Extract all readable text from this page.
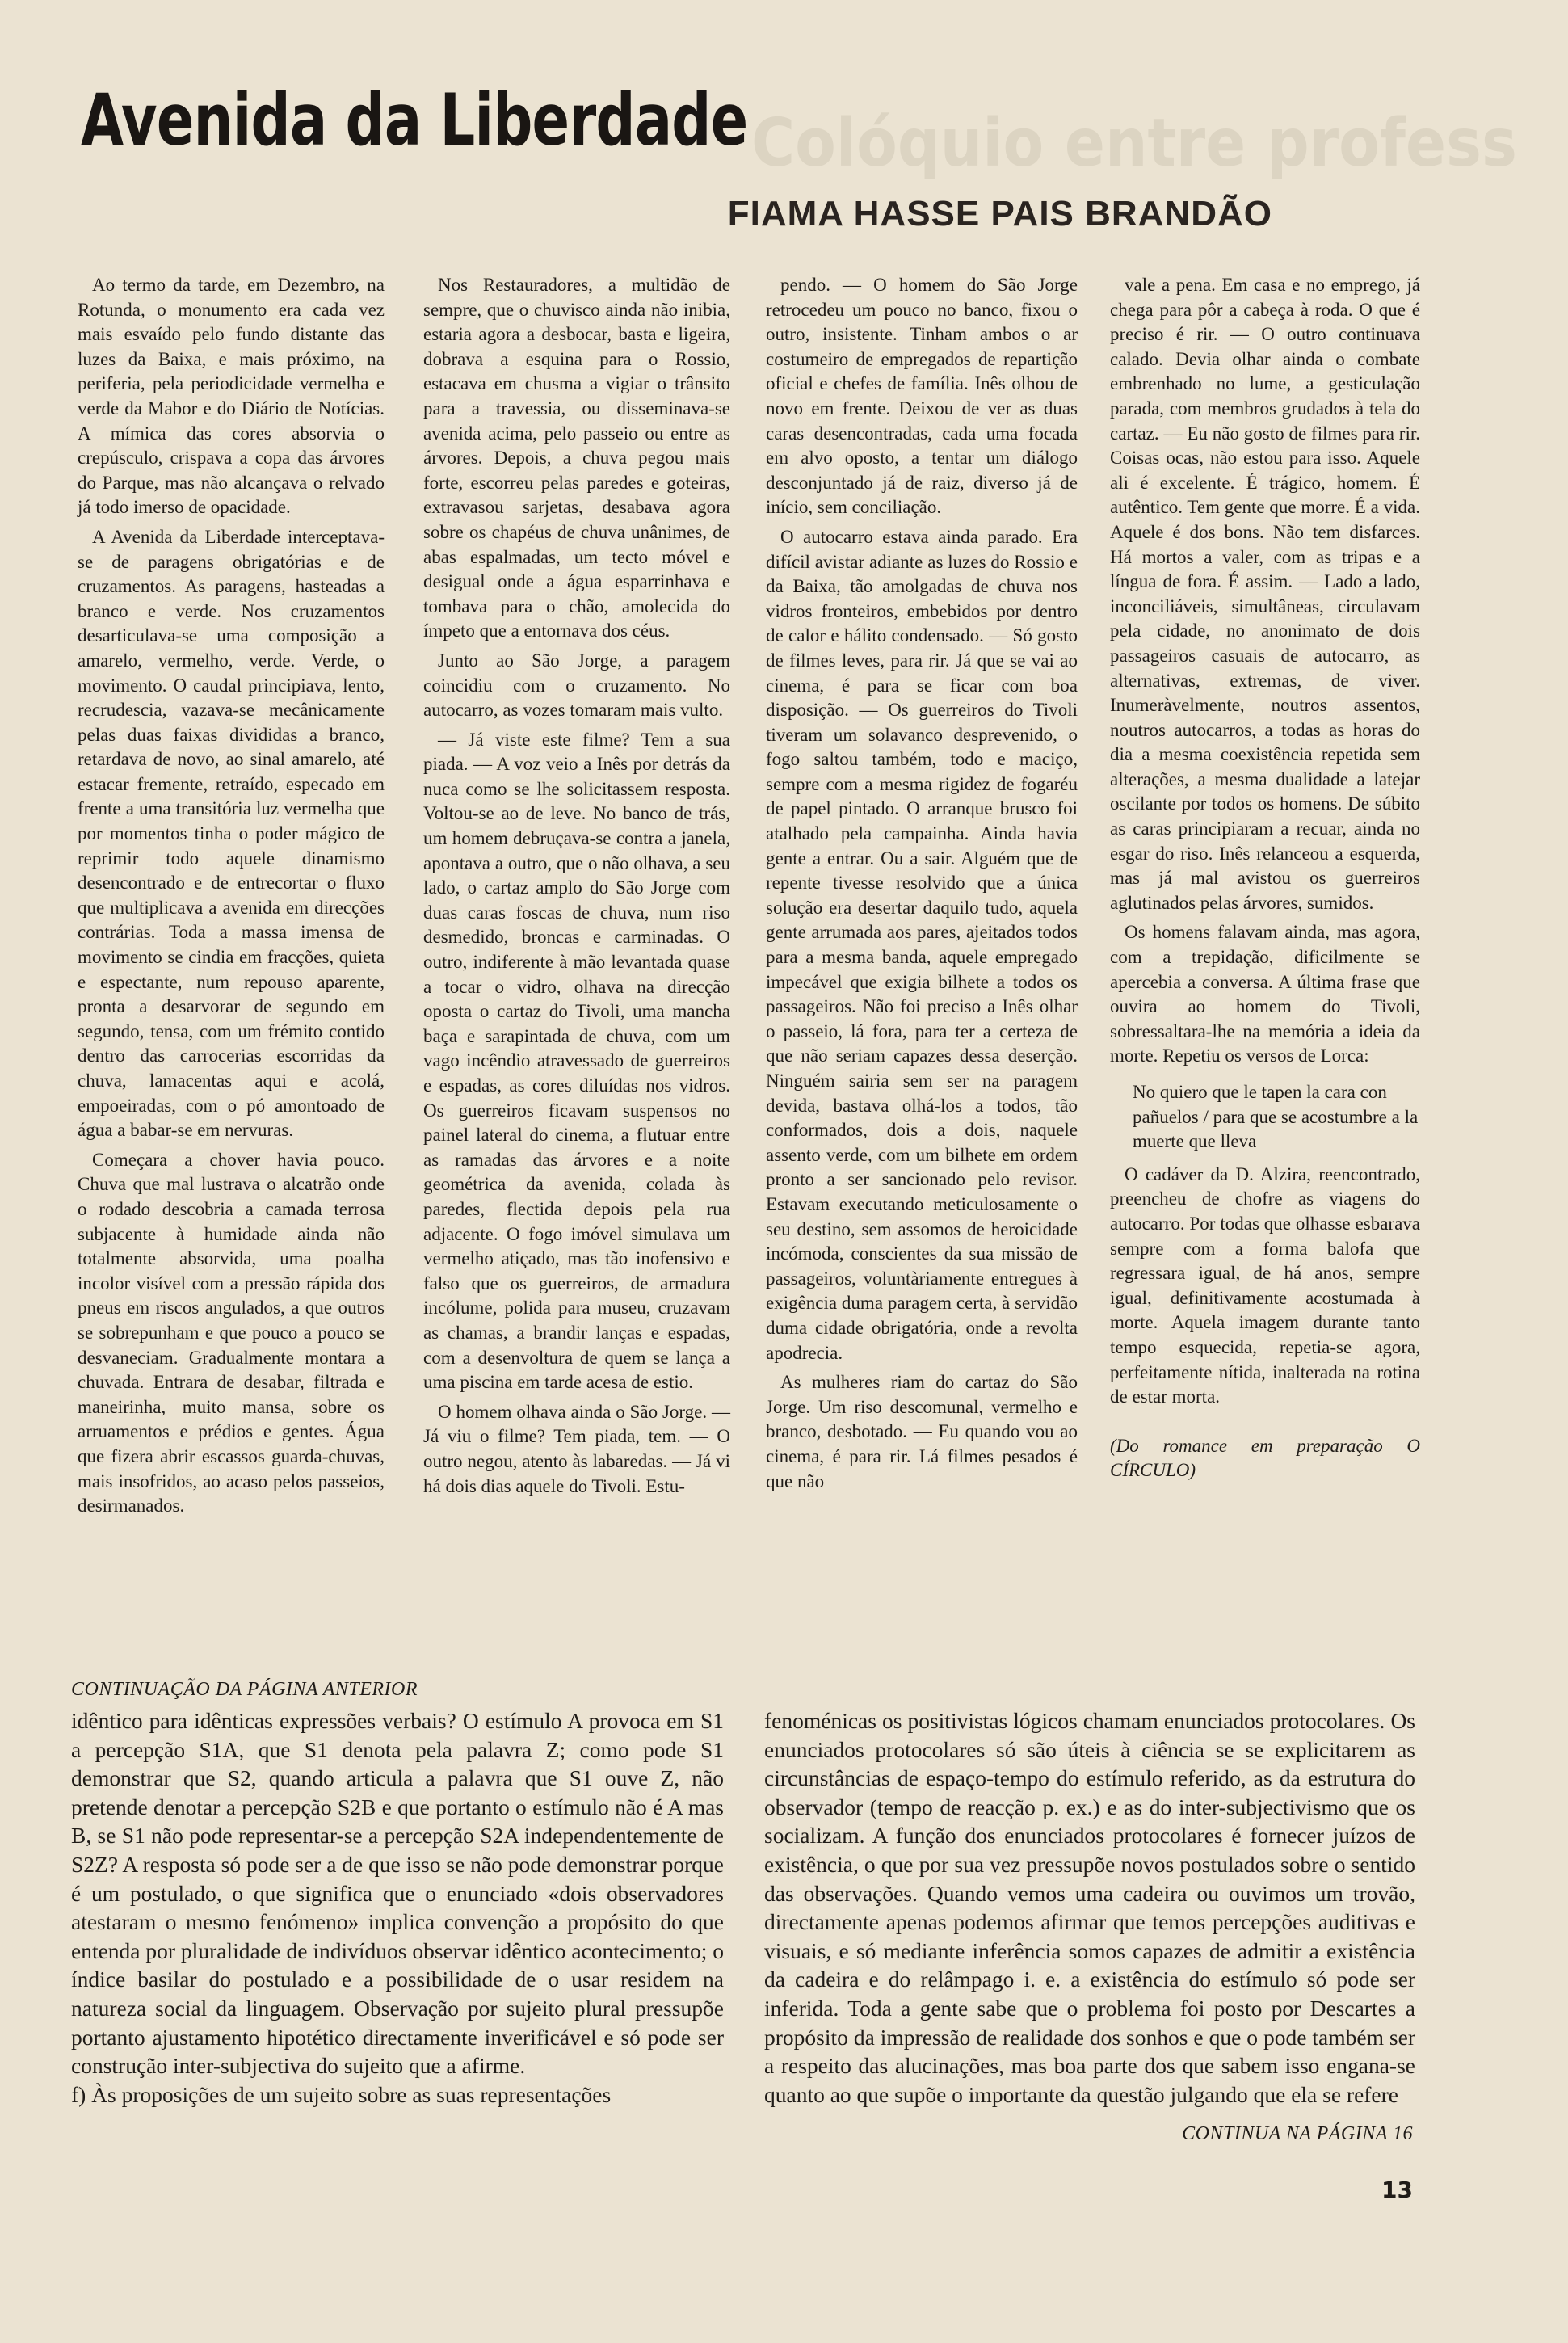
Avenida da Liberdade Colóquio entre profess
FIAMA HASSE PAIS BRANDÃO

Ao termo da tarde, em Dezembro, na Rotunda, o monumento era cada vez mais esvaído pelo fundo distante das luzes da Baixa, e mais próximo, na periferia, pela periodicidade vermelha e verde da Mabor e do Diário de Notícias. A mímica das cores absorvia o crepúsculo, crispava a copa das árvores do Parque, mas não alcançava o relvado já todo imerso de opacidade.

A Avenida da Liberdade interceptava-se de paragens obrigatórias e de cruzamentos. As paragens, hasteadas a branco e verde. Nos cruzamentos desarticulava-se uma composição a amarelo, vermelho, verde. Verde, o movimento. O caudal principiava, lento, recrudescia, vazava-se mecânicamente pelas duas faixas divididas a branco, retardava de novo, ao sinal amarelo, até estacar fremente, retraído, especado em frente a uma transitória luz vermelha que por momentos tinha o poder mágico de reprimir todo aquele dinamismo desencontrado e de entrecortar o fluxo que multiplicava a avenida em direcções contrárias. Toda a massa imensa de movimento se cindia em fracções, quieta e espectante, num repouso aparente, pronta a desarvorar de segundo em segundo, tensa, com um frémito contido dentro das carrocerias escorridas da chuva, lamacentas aqui e acolá, empoeiradas, com o pó amontoado de água a babar-se em nervuras.

Começara a chover havia pouco. Chuva que mal lustrava o alcatrão onde o rodado descobria a camada terrosa subjacente à humidade ainda não totalmente absorvida, uma poalha incolor visível com a pressão rápida dos pneus em riscos angulados, a que outros se sobrepunham e que pouco a pouco se desvaneciam. Gradualmente montara a chuvada. Entrara de desabar, filtrada e maneirinha, muito mansa, sobre os arruamentos e prédios e gentes. Água que fizera abrir escassos guarda-chuvas, mais insofridos, ao acaso pelos passeios, desirmanados.

Nos Restauradores, a multidão de sempre, que o chuvisco ainda não inibia, estaria agora a desbocar, basta e ligeira, dobrava a esquina para o Rossio, estacava em chusma a vigiar o trânsito para a travessia, ou disseminava-se avenida acima, pelo passeio ou entre as árvores. Depois, a chuva pegou mais forte, escorreu pelas paredes e goteiras, extravasou sarjetas, desabava agora sobre os chapéus de chuva unânimes, de abas espalmadas, um tecto móvel e desigual onde a água esparrinhava e tombava para o chão, amolecida do ímpeto que a entornava dos céus.

Junto ao São Jorge, a paragem coincidiu com o cruzamento. No autocarro, as vozes tomaram mais vulto.

— Já viste este filme? Tem a sua piada. — A voz veio a Inês por detrás da nuca como se lhe solicitassem resposta. Voltou-se ao de leve. No banco de trás, um homem debruçava-se contra a janela, apontava a outro, que o não olhava, a seu lado, o cartaz amplo do São Jorge com duas caras foscas de chuva, num riso desmedido, broncas e carminadas. O outro, indiferente à mão levantada quase a tocar o vidro, olhava na direcção oposta o cartaz do Tivoli, uma mancha baça e sarapintada de chuva, com um vago incêndio atravessado de guerreiros e espadas, as cores diluídas nos vidros. Os guerreiros ficavam suspensos no painel lateral do cinema, a flutuar entre as ramadas das árvores e a noite geométrica da avenida, colada às paredes, flectida depois pela rua adjacente. O fogo imóvel simulava um vermelho atiçado, mas tão inofensivo e falso que os guerreiros, de armadura incólume, polida para museu, cruzavam as chamas, a brandir lanças e espadas, com a desenvoltura de quem se lança a uma piscina em tarde acesa de estio.

O homem olhava ainda o São Jorge. — Já viu o filme? Tem piada, tem. — O outro negou, atento às labaredas. — Já vi há dois dias aquele do Tivoli. Estu-

pendo. — O homem do São Jorge retrocedeu um pouco no banco, fixou o outro, insistente. Tinham ambos o ar costumeiro de empregados de repartição oficial e chefes de família. Inês olhou de novo em frente. Deixou de ver as duas caras desencontradas, cada uma focada em alvo oposto, a tentar um diálogo desconjuntado já de raiz, diverso já de início, sem conciliação.

O autocarro estava ainda parado. Era difícil avistar adiante as luzes do Rossio e da Baixa, tão amolgadas de chuva nos vidros fronteiros, embebidos por dentro de calor e hálito condensado. — Só gosto de filmes leves, para rir. Já que se vai ao cinema, é para se ficar com boa disposição. — Os guerreiros do Tivoli tiveram um solavanco desprevenido, o fogo saltou também, todo e maciço, sempre com a mesma rigidez de fogaréu de papel pintado. O arranque brusco foi atalhado pela campainha. Ainda havia gente a entrar. Ou a sair. Alguém que de repente tivesse resolvido que a única solução era desertar daquilo tudo, aquela gente arrumada aos pares, ajeitados todos para a mesma banda, aquele empregado impecável que exigia bilhete a todos os passageiros. Não foi preciso a Inês olhar o passeio, lá fora, para ter a certeza de que não seriam capazes dessa deserção. Ninguém sairia sem ser na paragem devida, bastava olhá-los a todos, tão conformados, dois a dois, naquele assento verde, com um bilhete em ordem pronto a ser sancionado pelo revisor. Estavam executando meticulosamente o seu destino, sem assomos de heroicidade incómoda, conscientes da sua missão de passageiros, voluntàriamente entregues à exigência duma paragem certa, à servidão duma cidade obrigatória, onde a revolta apodrecia.

As mulheres riam do cartaz do São Jorge. Um riso descomunal, vermelho e branco, desbotado. — Eu quando vou ao cinema, é para rir. Lá filmes pesados é que não

vale a pena. Em casa e no emprego, já chega para pôr a cabeça à roda. O que é preciso é rir. — O outro continuava calado. Devia olhar ainda o combate embrenhado no lume, a gesticulação parada, com membros grudados à tela do cartaz. — Eu não gosto de filmes para rir. Coisas ocas, não estou para isso. Aquele ali é excelente. É trágico, homem. É autêntico. Tem gente que morre. É a vida. Aquele é dos bons. Não tem disfarces. Há mortos a valer, com as tripas e a língua de fora. É assim. — Lado a lado, inconciliáveis, simultâneas, circulavam pela cidade, no anonimato de dois passageiros casuais de autocarro, as alternativas, extremas, de viver. Inumeràvelmente, noutros assentos, noutros autocarros, a todas as horas do dia a mesma coexistência repetida sem alterações, a mesma dualidade a latejar oscilante por todos os homens. De súbito as caras principiaram a recuar, ainda no esgar do riso. Inês relanceou a esquerda, mas já mal avistou os guerreiros aglutinados pelas árvores, sumidos.

Os homens falavam ainda, mas agora, com a trepidação, dificilmente se apercebia a conversa. A última frase que ouvira ao homem do Tivoli, sobressaltara-lhe na memória a ideia da morte. Repetiu os versos de Lorca:

No quiero que le tapen la cara con pañuelos / para que se acostumbre a la muerte que lleva

O cadáver da D. Alzira, reencontrado, preencheu de chofre as viagens do autocarro. Por todas que olhasse esbarava sempre com a forma balofa que regressara igual, de há anos, sempre igual, definitivamente acostumada à morte. Aquela imagem durante tanto tempo esquecida, repetia-se agora, perfeitamente nítida, inalterada na rotina de estar morta.

(Do romance em preparação O CÍRCULO)

CONTINUAÇÃO DA PÁGINA ANTERIOR

idêntico para idênticas expressões verbais? O estímulo A provoca em S1 a percepção S1A, que S1 denota pela palavra Z; como pode S1 demonstrar que S2, quando articula a palavra que S1 ouve Z, não pretende denotar a percepção S2B e que portanto o estímulo não é A mas B, se S1 não pode representar-se a percepção S2A independentemente de S2Z? A resposta só pode ser a de que isso se não pode demonstrar porque é um postulado, o que significa que o enunciado «dois observadores atestaram o mesmo fenómeno» implica convenção a propósito do que entenda por pluralidade de indivíduos observar idêntico acontecimento; o índice basilar do postulado e a possibilidade de o usar residem na natureza social da linguagem. Observação por sujeito plural pressupõe portanto ajustamento hipotético directamente inverificável e só pode ser construção inter-subjectiva do sujeito que a afirme.

f) Às proposições de um sujeito sobre as suas representações

fenoménicas os positivistas lógicos chamam enunciados protocolares. Os enunciados protocolares só são úteis à ciência se se explicitarem as circunstâncias de espaço-tempo do estímulo referido, as da estrutura do observador (tempo de reacção p. ex.) e as do inter-subjectivismo que os socializam. A função dos enunciados protocolares é fornecer juízos de existência, o que por sua vez pressupõe novos postulados sobre o sentido das observações. Quando vemos uma cadeira ou ouvimos um trovão, directamente apenas podemos afirmar que temos percepções auditivas e visuais, e só mediante inferência somos capazes de admitir a existência da cadeira e do relâmpago i. e. a existência do estímulo só pode ser inferida. Toda a gente sabe que o problema foi posto por Descartes a propósito da impressão de realidade dos sonhos e que o pode também ser a respeito das alucinações, mas boa parte dos que sabem isso engana-se quanto ao que supõe o importante da questão julgando que ela se refere

CONTINUA NA PÁGINA 16
13
